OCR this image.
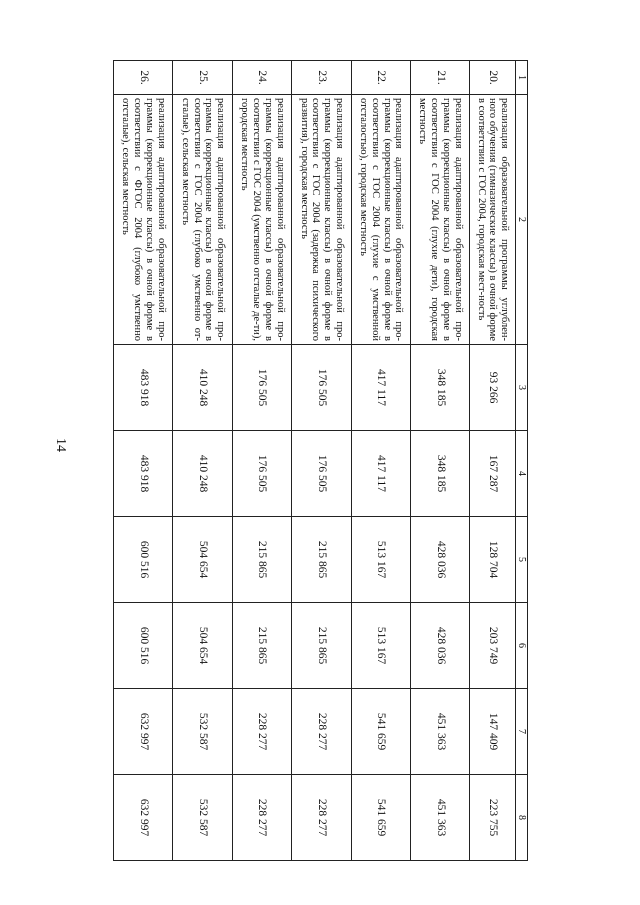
14
1	2	3	4	5	6	7	8
20.	реализация образовательной программы углублен-ного обучения (гимназические классы) в очной форме в соответствии с ГОС 2004, городская мест-ность	93 266	167 287	128 704	203 749	147 409	223 755
21.	реализация адаптированной образовательной про-граммы (коррекционные классы) в очной форме в соответствии с ГОС 2004 (глухие дети), городская местность	348 185	348 185	428 036	428 036	451 363	451 363
22.	реализация адаптированной образовательной про-граммы (коррекционные классы) в очной форме в соответствии с ГОС 2004 (глухие с умственной отсталостью), городская местность	417 117	417 117	513 167	513 167	541 659	541 659
23.	реализация адаптированной образовательной про-граммы (коррекционные классы) в очной форме в соответствии с ГОС 2004 (задержка психического развития), городская местность	176 505	176 505	215 865	215 865	228 277	228 277
24.	реализация адаптированной образовательной про-граммы (коррекционные классы) в очной форме в соответствии с ГОС 2004 (умственно отсталые де-ти), городская местность	176 505	176 505	215 865	215 865	228 277	228 277
25.	реализация адаптированной образовательной про-граммы (коррекционные классы) в очной форме в соответствии с ГОС 2004 (глубоко умственно от-сталые), сельская местность	410 248	410 248	504 654	504 654	532 587	532 587
26.	реализация адаптированной образовательной про-граммы (коррекционные классы) в очной форме в соответствии с ФГОС 2004 (глубоко умственно отсталые), сельская местность	483 918	483 918	600 516	600 516	632 997	632 997
